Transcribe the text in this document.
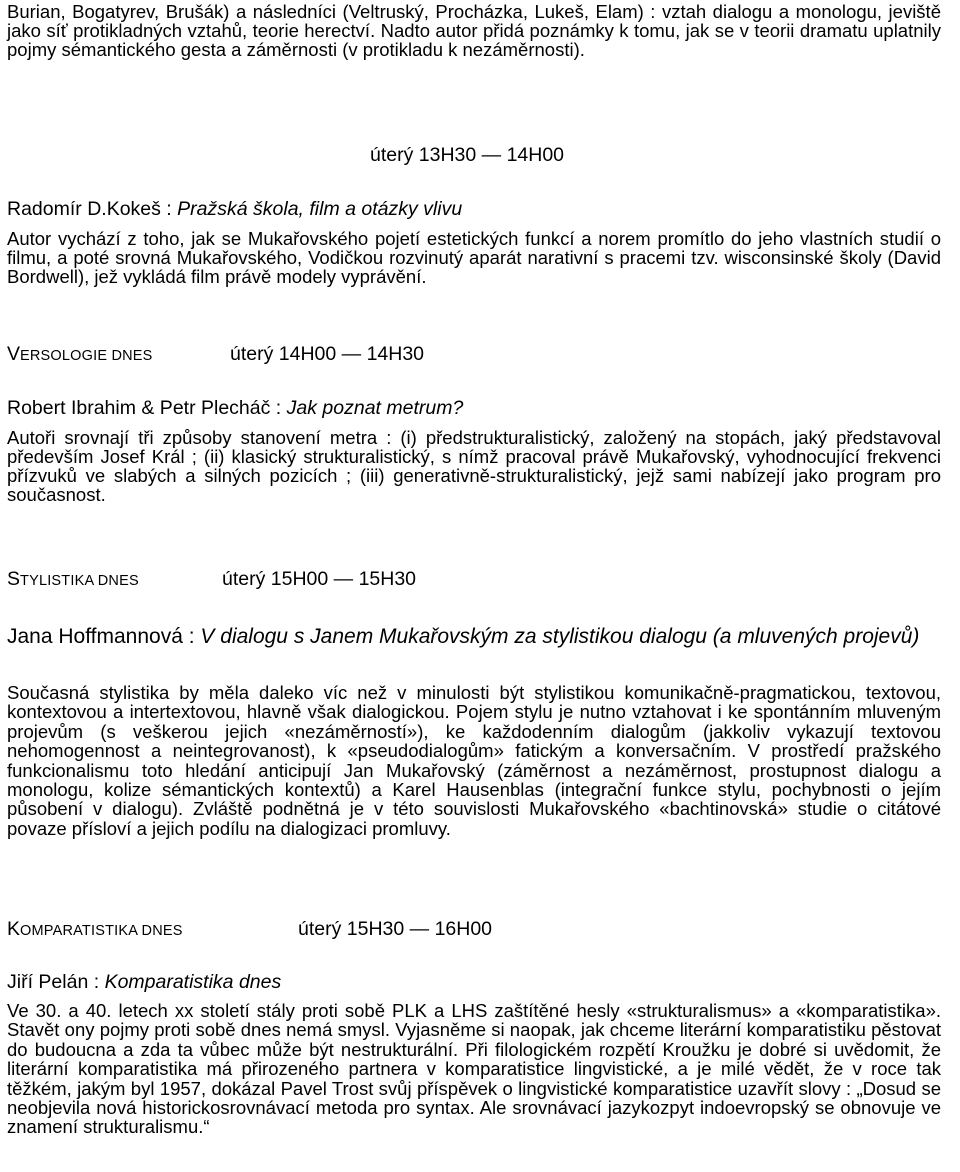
Burian, Bogatyrev, Brušák) a následníci (Veltruský, Procházka, Lukeš, Elam) : vztah dialogu a monologu, jeviště jako síť protikladných vztahů, teorie herectví. Nadto autor přidá poznámky k tomu, jak se v teorii dramatu uplatnily pojmy sémantického gesta a záměrnosti (v protikladu k nezáměrnosti).

úterý 13H30 — 14H00

Radomír D.Kokeš : Pražská škola, film a otázky vlivu

Autor vychází z toho, jak se Mukařovského pojetí estetických funkcí a norem promítlo do jeho vlastních studií o filmu, a poté srovná Mukařovského, Vodičkou rozvinutý aparát narativní s pracemi tzv. wisconsinské školy (David Bordwell), jež vykládá film právě modely vyprávění.

VERSOLOGIE DNES	úterý 14H00 — 14H30

Robert Ibrahim & Petr Plecháč : Jak poznat metrum?

Autoři srovnají tři způsoby stanovení metra : (i) předstrukturalistický, založený na stopách, jaký představoval především Josef Král ; (ii) klasický strukturalistický, s nímž pracoval právě Mukařovský, vyhodnocující frekvenci přízvuků ve slabých a silných pozicích ; (iii) generativně-strukturalistický, jejž sami nabízejí jako program pro současnost.

STYLISTIKA DNES	úterý 15H00 — 15H30

Jana Hoffmannová : V dialogu s Janem Mukařovským za stylistikou dialogu (a mluvených projevů)

Současná stylistika by měla daleko víc než v minulosti být stylistikou komunikačně-pragmatickou, textovou, kontextovou a intertextovou, hlavně však dialogickou. Pojem stylu je nutno vztahovat i ke spontánním mluveným projevům (s veškerou jejich «nezáměrností»), ke každodenním dialogům (jakkoliv vykazují textovou nehomogennost a neintegrovanost), k «pseudodialogům» fatickým a konversačním. V prostředí pražského funkcionalismu toto hledání anticipují Jan Mukařovský (záměrnost a nezáměrnost, prostupnost dialogu a monologu, kolize sémantických kontextů) a Karel Hausenblas (integrační funkce stylu, pochybnosti o jejím působení v dialogu). Zvláště podnětná je v této souvislosti Mukařovského «bachtinovská» studie o citátové povaze přísloví a jejich podílu na dialogizaci promluvy.

KOMPARATISTIKA DNES	úterý 15H30 — 16H00

Jiří Pelán : Komparatistika dnes

Ve 30. a 40. letech xx století stály proti sobě PLK a LHS zaštítěné hesly «strukturalismus» a «komparatistika». Stavět ony pojmy proti sobě dnes nemá smysl. Vyjasněme si naopak, jak chceme literární komparatistiku pěstovat do budoucna a zda ta vůbec může být nestrukturální. Při filologickém rozpětí Kroužku je dobré si uvědomit, že literární komparatistika má přirozeného partnera v komparatistice lingvistické, a je milé vědět, že v roce tak těžkém, jakým byl 1957, dokázal Pavel Trost svůj příspěvek o lingvistické komparatistice uzavřít slovy : „Dosud se neobjevila nová historickosrovnávací metoda pro syntax. Ale srovnávací jazykozpyt indoevropský se obnovuje ve znamení strukturalismu.“
